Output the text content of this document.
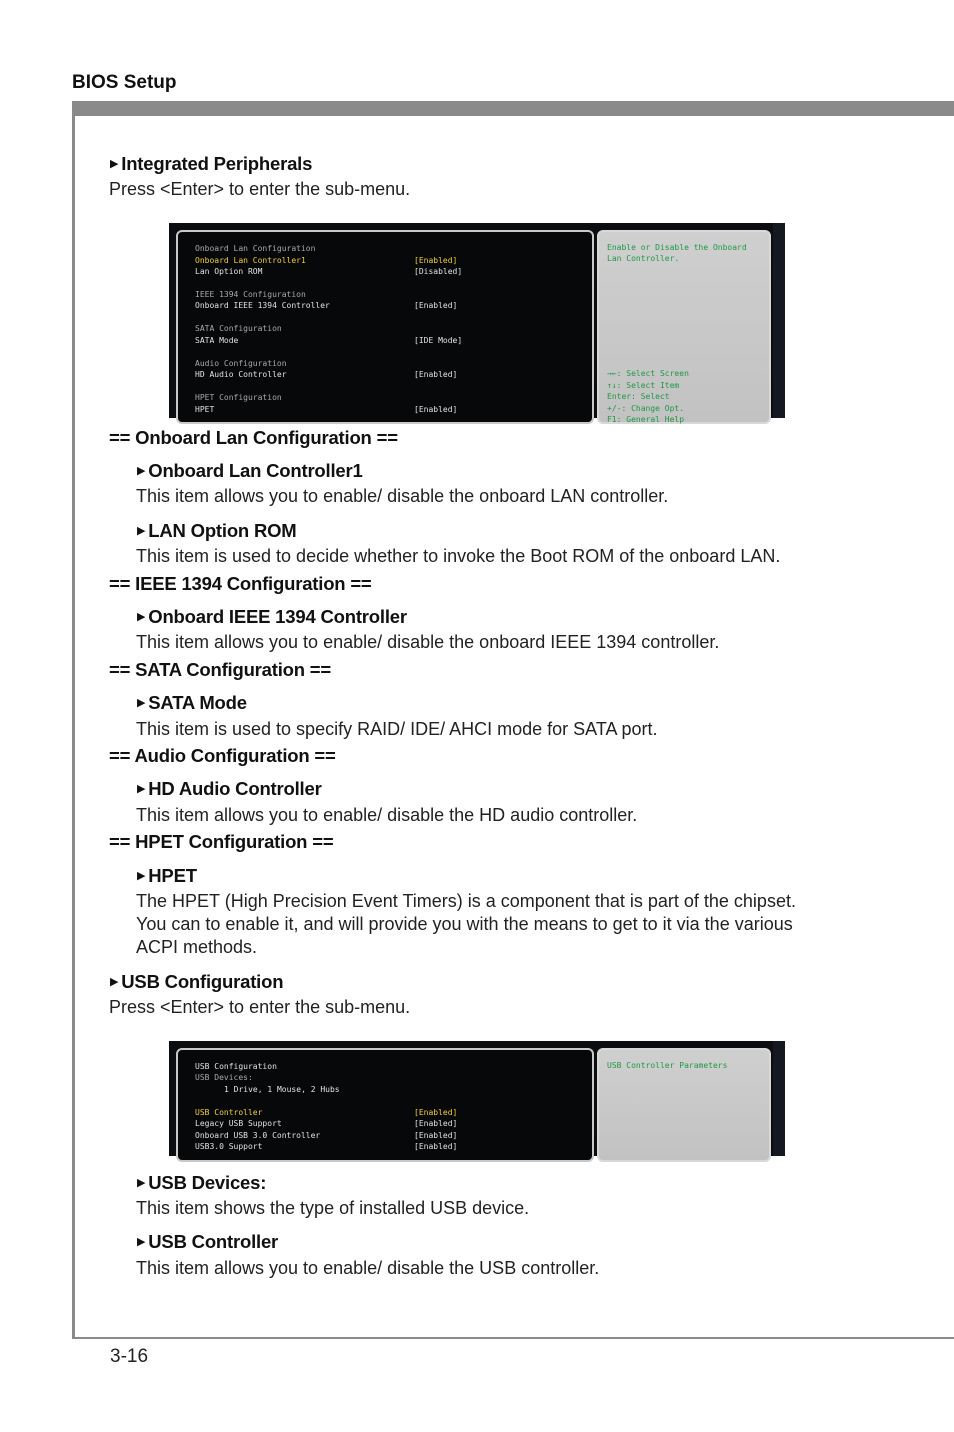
BIOS Setup
▶ Integrated Peripherals
Press <Enter> to enter the sub-menu.
Onboard Lan Configuration
Onboard Lan Controller1
Lan Option ROM
IEEE 1394 Configuration
Onboard IEEE 1394 Controller
SATA Configuration
SATA Mode
Audio Configuration
HD Audio Controller
HPET Configuration
HPET
[Enabled]
[Disabled]
[Enabled]
[IDE Mode]
[Enabled]
[Enabled]
Enable or Disable the Onboard
Lan Controller.
→←: Select Screen
↑↓: Select Item
Enter: Select
+/-: Change Opt.
F1: General Help
== Onboard Lan Configuration ==
▶ Onboard Lan Controller1
This item allows you to enable/ disable the onboard LAN controller.
▶ LAN Option ROM
This item is used to decide whether to invoke the Boot ROM of the onboard LAN.
== IEEE 1394 Configuration ==
▶ Onboard IEEE 1394 Controller
This item allows you to enable/ disable the onboard IEEE 1394 controller.
== SATA Configuration ==
▶ SATA Mode
This item is used to specify RAID/ IDE/ AHCI mode for SATA port.
== Audio Configuration ==
▶ HD Audio Controller
This item allows you to enable/ disable the HD audio controller.
== HPET Configuration ==
▶ HPET
The HPET (High Precision Event Timers) is a component that is part of the chipset.
You can to enable it, and will provide you with the means to get to it via the various
ACPI methods.
▶ USB Configuration
Press <Enter> to enter the sub-menu.
USB Configuration
USB Devices:
1 Drive, 1 Mouse, 2 Hubs
USB Controller
Legacy USB Support
Onboard USB 3.0 Controller
USB3.0 Support
[Enabled]
[Enabled]
[Enabled]
[Enabled]
USB Controller Parameters
▶ USB Devices:
This item shows the type of installed USB device.
▶ USB Controller
This item allows you to enable/ disable the USB controller.
3-16
